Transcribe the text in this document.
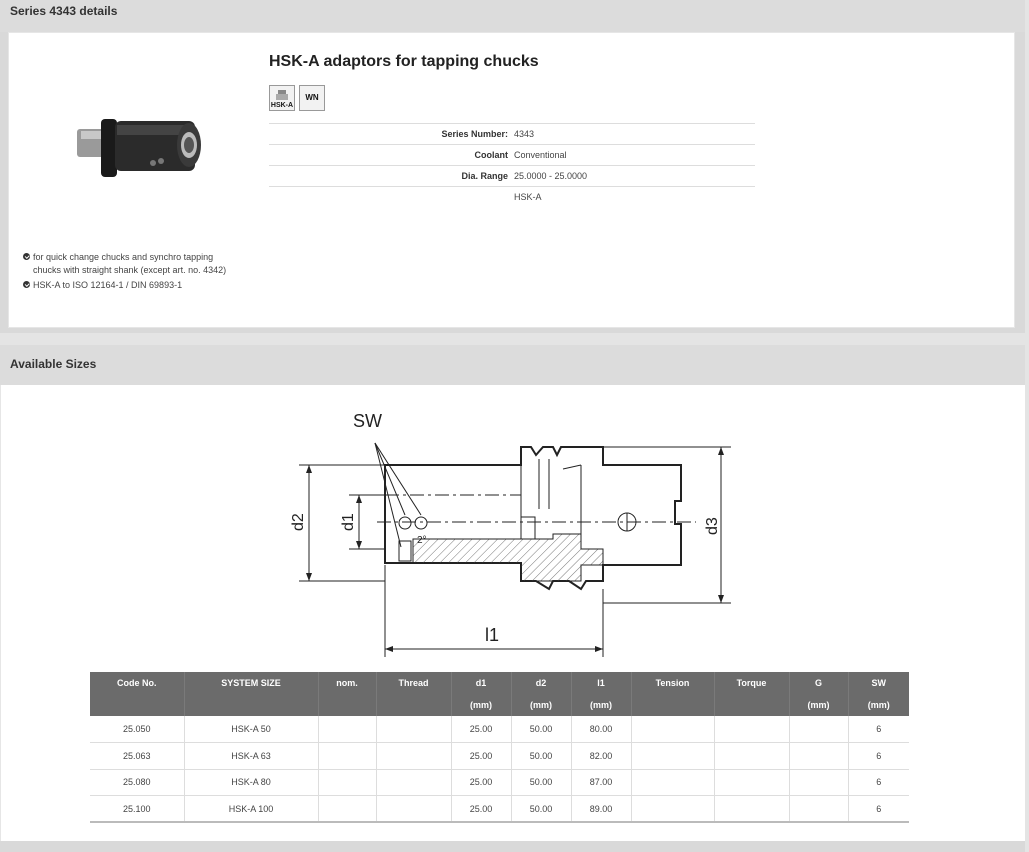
Series 4343 details
for quick change chucks and synchro tapping chucks with straight shank (except art. no. 4342)
HSK-A to ISO 12164-1 / DIN 69893-1
HSK-A adaptors for tapping chucks
HSK-A
WN
Series Number:	4343
Coolant	Conventional
Dia. Range	25.0000 - 25.0000
	HSK-A
Available Sizes
SW
d2 d1	d3
l1
2°
Code No.	SYSTEM SIZE	nom.	Thread	d1	d2	l1	Tension	Torque	G	SW
				(mm)	(mm)	(mm)			(mm)	(mm)
25.050	HSK-A 50			25.00	50.00	80.00				6
25.063	HSK-A 63			25.00	50.00	82.00				6
25.080	HSK-A 80			25.00	50.00	87.00				6
25.100	HSK-A 100			25.00	50.00	89.00				6
